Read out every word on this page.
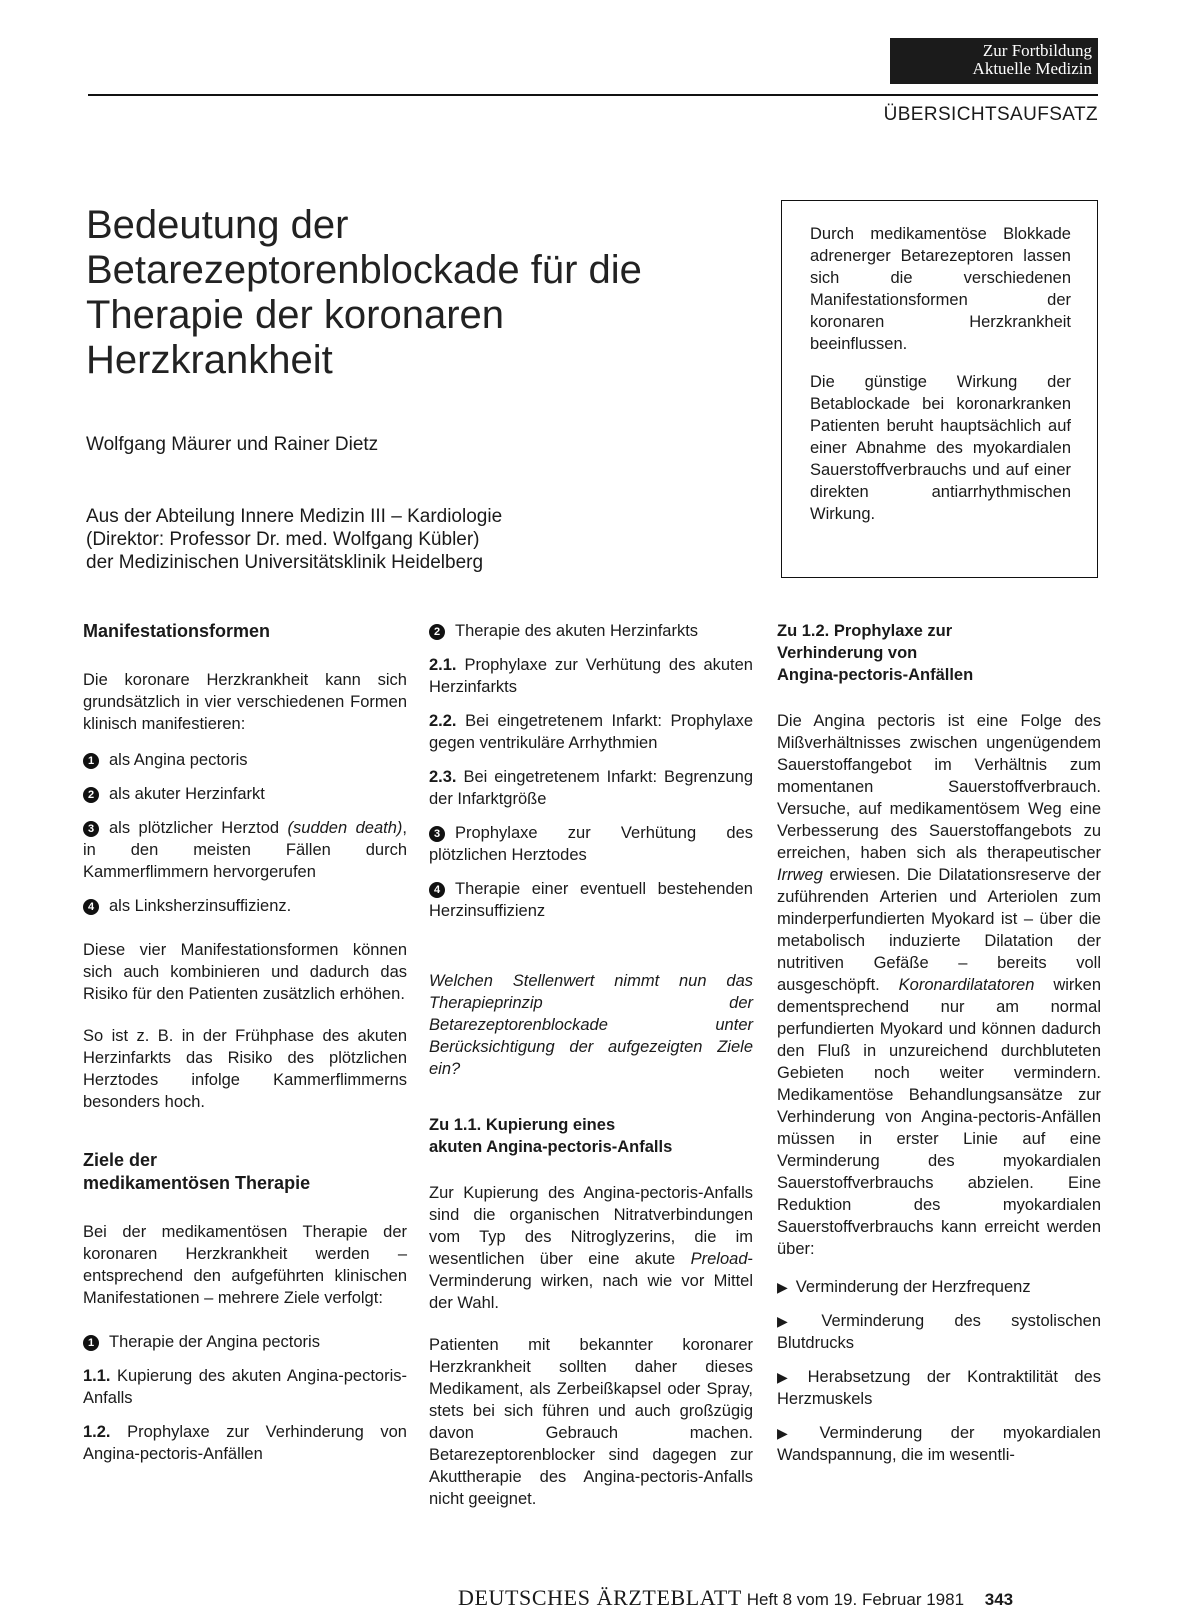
Zur Fortbildung
Aktuelle Medizin
ÜBERSICHTSAUFSATZ
Bedeutung der Betarezeptorenblockade für die Therapie der koronaren Herzkrankheit
Wolfgang Mäurer und Rainer Dietz
Aus der Abteilung Innere Medizin III – Kardiologie
(Direktor: Professor Dr. med. Wolfgang Kübler)
der Medizinischen Universitätsklinik Heidelberg

Durch medikamentöse Blokkade adrenerger Betarezeptoren lassen sich die verschiedenen Manifestationsformen der koronaren Herzkrankheit beeinflussen.

Die günstige Wirkung der Betablockade bei koronarkranken Patienten beruht hauptsächlich auf einer Abnahme des myokardialen Sauerstoffverbrauchs und auf einer direkten antiarrhythmischen Wirkung.

Manifestationsformen

Die koronare Herzkrankheit kann sich grundsätzlich in vier verschiedenen Formen klinisch manifestieren:

1 als Angina pectoris
2 als akuter Herzinfarkt
3 als plötzlicher Herztod (sudden death), in den meisten Fällen durch Kammerflimmern hervorgerufen
4 als Linksherzinsuffizienz.

Diese vier Manifestationsformen können sich auch kombinieren und dadurch das Risiko für den Patienten zusätzlich erhöhen.

So ist z. B. in der Frühphase des akuten Herzinfarkts das Risiko des plötzlichen Herztodes infolge Kammerflimmerns besonders hoch.

Ziele der
medikamentösen Therapie

Bei der medikamentösen Therapie der koronaren Herzkrankheit werden – entsprechend den aufgeführten klinischen Manifestationen – mehrere Ziele verfolgt:

1 Therapie der Angina pectoris
1.1. Kupierung des akuten Angina-pectoris-Anfalls
1.2. Prophylaxe zur Verhinderung von Angina-pectoris-Anfällen
2 Therapie des akuten Herzinfarkts
2.1. Prophylaxe zur Verhütung des akuten Herzinfarkts
2.2. Bei eingetretenem Infarkt: Prophylaxe gegen ventrikuläre Arrhythmien
2.3. Bei eingetretenem Infarkt: Begrenzung der Infarktgröße
3 Prophylaxe zur Verhütung des plötzlichen Herztodes
4 Therapie einer eventuell bestehenden Herzinsuffizienz

Welchen Stellenwert nimmt nun das Therapieprinzip der Betarezeptorenblockade unter Berücksichtigung der aufgezeigten Ziele ein?

Zu 1.1. Kupierung eines
akuten Angina-pectoris-Anfalls

Zur Kupierung des Angina-pectoris-Anfalls sind die organischen Nitratverbindungen vom Typ des Nitroglyzerins, die im wesentlichen über eine akute Preload-Verminderung wirken, nach wie vor Mittel der Wahl.

Patienten mit bekannter koronarer Herzkrankheit sollten daher dieses Medikament, als Zerbeißkapsel oder Spray, stets bei sich führen und auch großzügig davon Gebrauch machen. Betarezeptorenblocker sind dagegen zur Akuttherapie des Angina-pectoris-Anfalls nicht geeignet.

Zu 1.2. Prophylaxe zur
Verhinderung von
Angina-pectoris-Anfällen

Die Angina pectoris ist eine Folge des Mißverhältnisses zwischen ungenügendem Sauerstoffangebot im Verhältnis zum momentanen Sauerstoffverbrauch. Versuche, auf medikamentösem Weg eine Verbesserung des Sauerstoffangebots zu erreichen, haben sich als therapeutischer Irrweg erwiesen. Die Dilatationsreserve der zuführenden Arterien und Arteriolen zum minderperfundierten Myokard ist – über die metabolisch induzierte Dilatation der nutritiven Gefäße – bereits voll ausgeschöpft. Koronardilatatoren wirken dementsprechend nur am normal perfundierten Myokard und können dadurch den Fluß in unzureichend durchbluteten Gebieten noch weiter vermindern. Medikamentöse Behandlungsansätze zur Verhinderung von Angina-pectoris-Anfällen müssen in erster Linie auf eine Verminderung des myokardialen Sauerstoffverbrauchs abzielen. Eine Reduktion des myokardialen Sauerstoffverbrauchs kann erreicht werden über:

▶ Verminderung der Herzfrequenz
▶ Verminderung des systolischen Blutdrucks
▶ Herabsetzung der Kontraktilität des Herzmuskels
▶ Verminderung der myokardialen Wandspannung, die im wesentli-
DEUTSCHES ÄRZTEBLATT Heft 8 vom 19. Februar 1981 343
